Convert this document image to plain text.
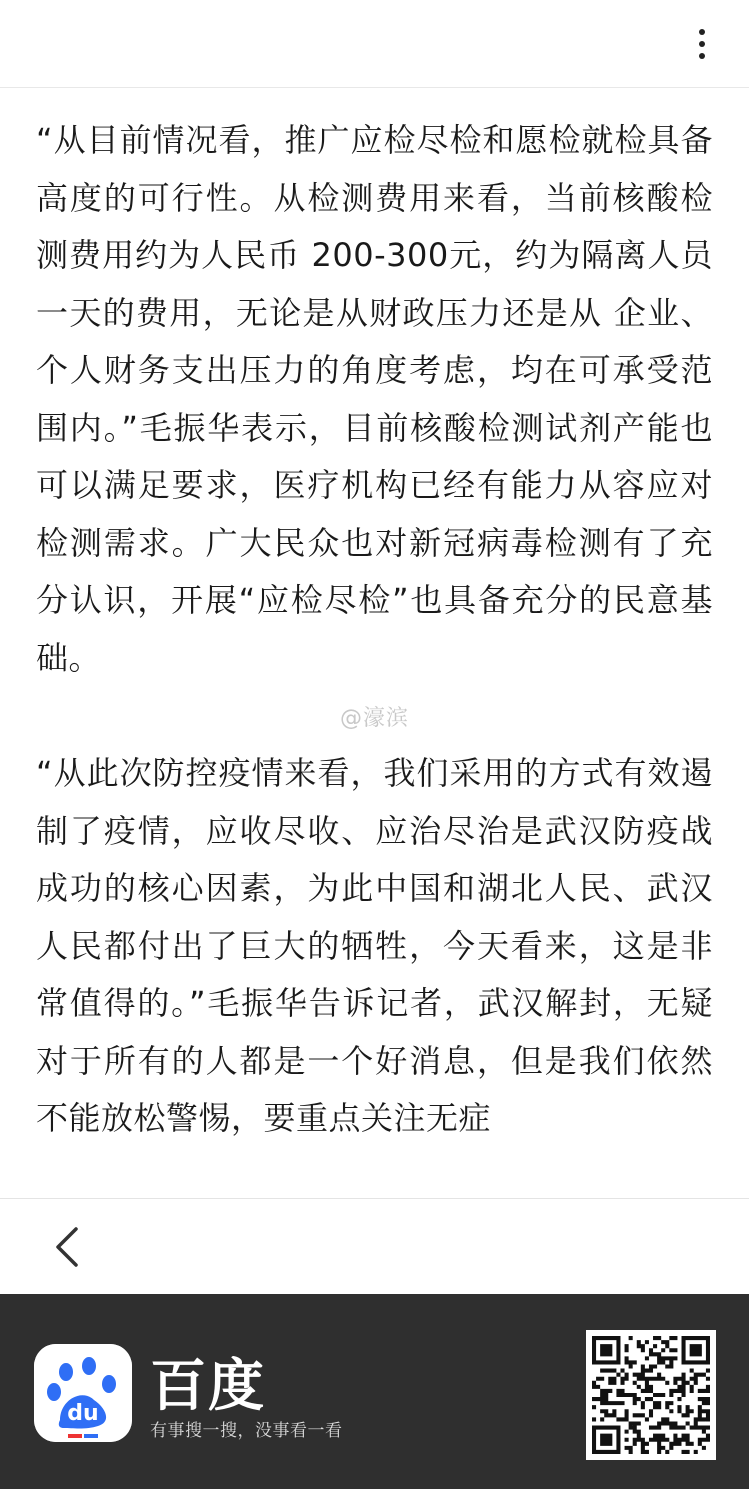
“从目前情况看，推广应检尽检和愿检就检具备高度的可行性。从检测费用来看，当前核酸检测费用约为人民币 200-300元，约为隔离人员一天的费用，无论是从财政压力还是从 企业、个人财务支出压力的角度考虑，均在可承受范围内。”毛振华表示，目前核酸检测试剂产能也可以满足要求，医疗机构已经有能力从容应对检测需求。广大民众也对新冠病毒检测有了充分认识，开展“应检尽检”也具备充分的民意基础。

@濠滨

“从此次防控疫情来看，我们采用的方式有效遏制了疫情，应收尽收、应治尽治是武汉防疫战成功的核心因素，为此中国和湖北人民、武汉人民都付出了巨大的牺牲，今天看来，这是非常值得的。”毛振华告诉记者，武汉解封，无疑对于所有的人都是一个好消息，但是我们依然不能放松警惕，要重点关注无症

du 百度
有事搜一搜，没事看一看
